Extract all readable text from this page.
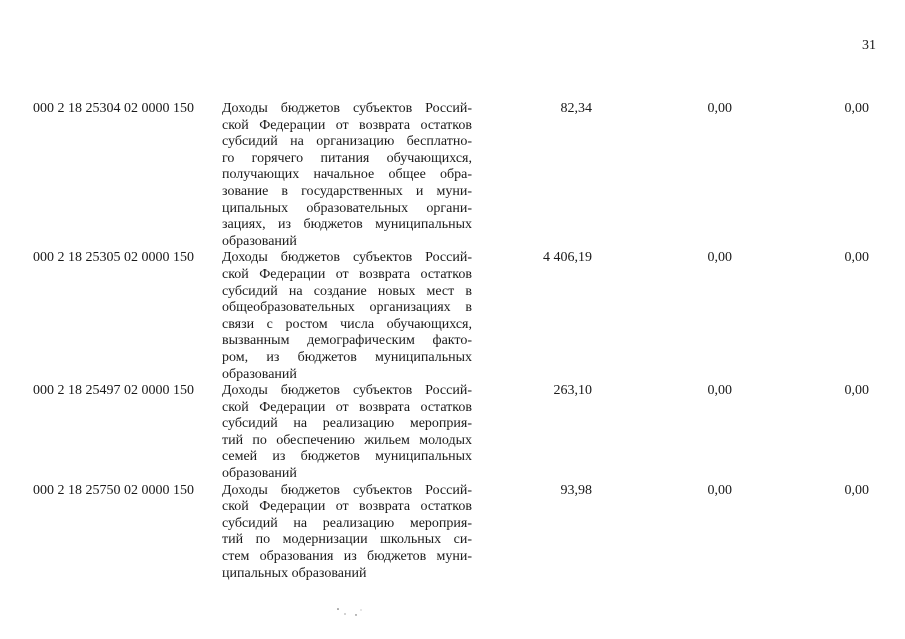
31
000 2 18 25304 02 0000 150 Доходы бюджетов субъектов Россий-
ской Федерации от возврата остатков
субсидий на организацию бесплатно-
го горячего питания обучающихся,
получающих начальное общее обра-
зование в государственных и муни-
ципальных образовательных органи-
зациях, из бюджетов муниципальных
образований
82,34	0,00	0,00
000 2 18 25305 02 0000 150 Доходы бюджетов субъектов Россий-
ской Федерации от возврата остатков
субсидий на создание новых мест в
общеобразовательных организациях в
связи с ростом числа обучающихся,
вызванным демографическим факто-
ром, из бюджетов муниципальных
образований
4 406,19	0,00	0,00
000 2 18 25497 02 0000 150 Доходы бюджетов субъектов Россий-
ской Федерации от возврата остатков
субсидий на реализацию мероприя-
тий по обеспечению жильем молодых
семей из бюджетов муниципальных
образований
263,10	0,00	0,00
000 2 18 25750 02 0000 150 Доходы бюджетов субъектов Россий-
ской Федерации от возврата остатков
субсидий на реализацию мероприя-
тий по модернизации школьных си-
стем образования из бюджетов муни-
ципальных образований
93,98	0,00	0,00
